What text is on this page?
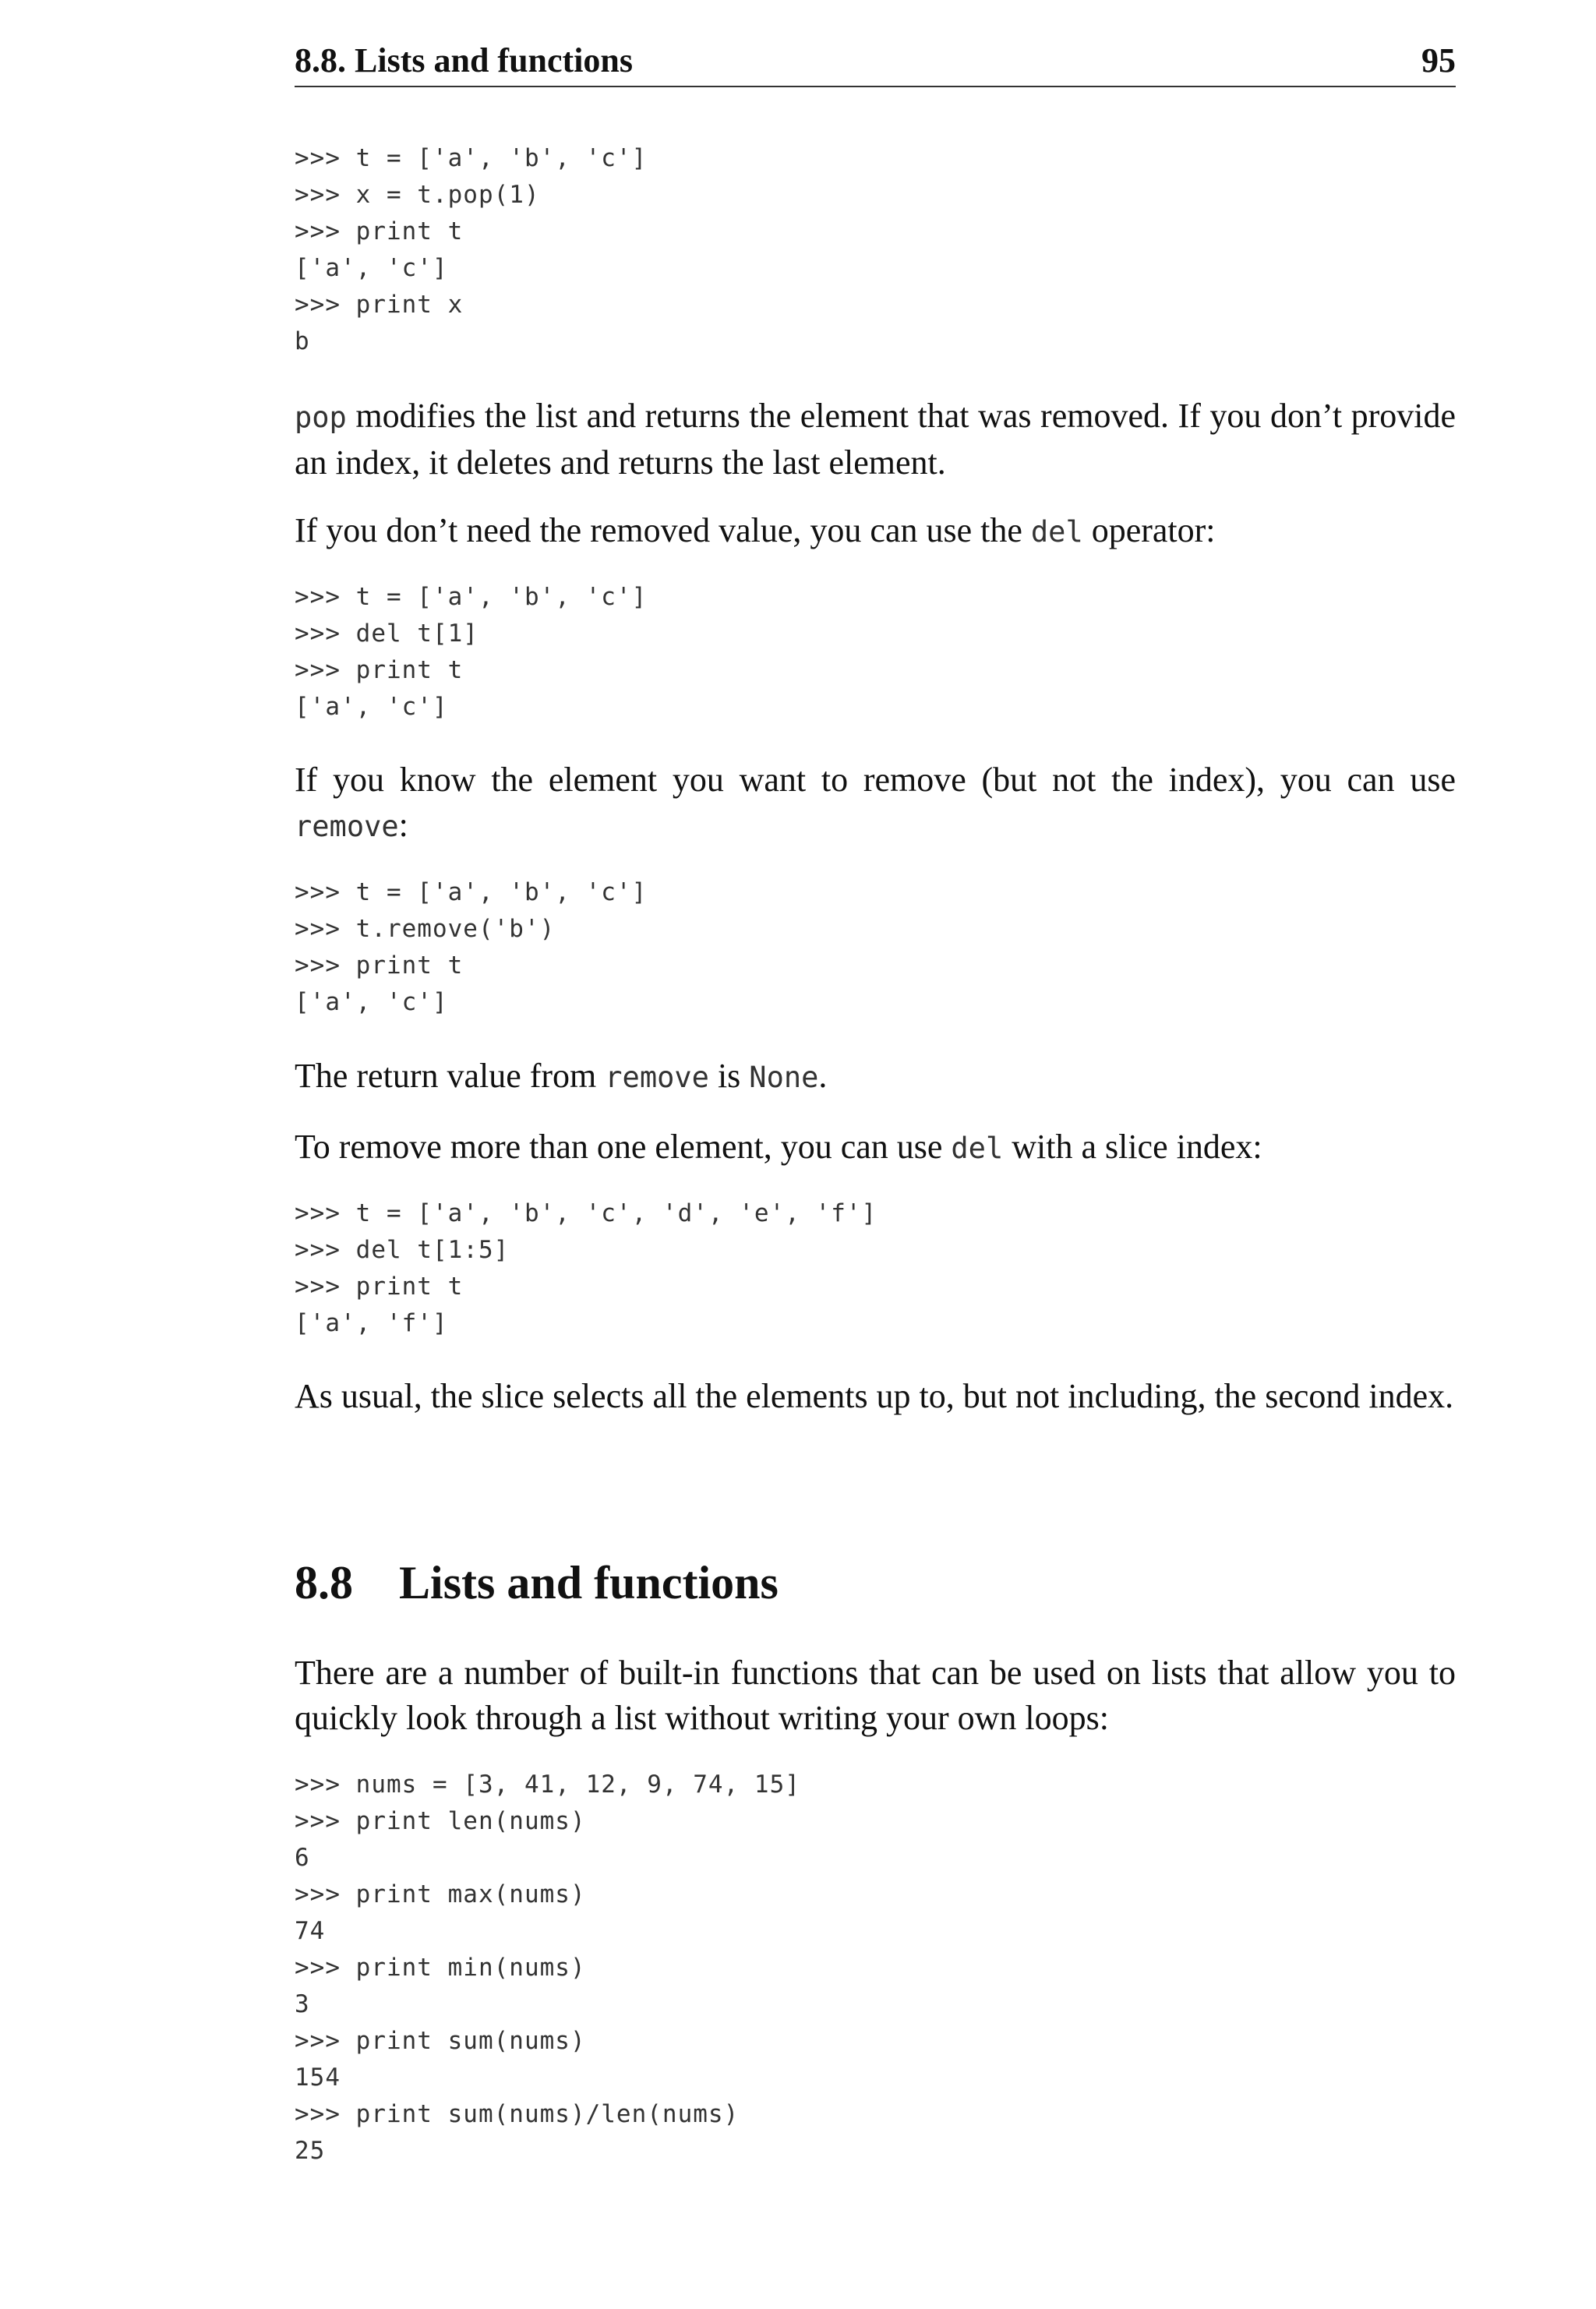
8.8. Lists and functions	95
>>> t = ['a', 'b', 'c']
>>> x = t.pop(1)
>>> print t
['a', 'c']
>>> print x
b

pop modifies the list and returns the element that was removed. If you don’t provide an index, it deletes and returns the last element.

If you don’t need the removed value, you can use the del operator:

>>> t = ['a', 'b', 'c']
>>> del t[1]
>>> print t
['a', 'c']

If you know the element you want to remove (but not the index), you can use remove:

>>> t = ['a', 'b', 'c']
>>> t.remove('b')
>>> print t
['a', 'c']

The return value from remove is None.

To remove more than one element, you can use del with a slice index:

>>> t = ['a', 'b', 'c', 'd', 'e', 'f']
>>> del t[1:5]
>>> print t
['a', 'f']

As usual, the slice selects all the elements up to, but not including, the second index.

8.8 Lists and functions

There are a number of built-in functions that can be used on lists that allow you to quickly look through a list without writing your own loops:

>>> nums = [3, 41, 12, 9, 74, 15]
>>> print len(nums)
6
>>> print max(nums)
74
>>> print min(nums)
3
>>> print sum(nums)
154
>>> print sum(nums)/len(nums)
25
